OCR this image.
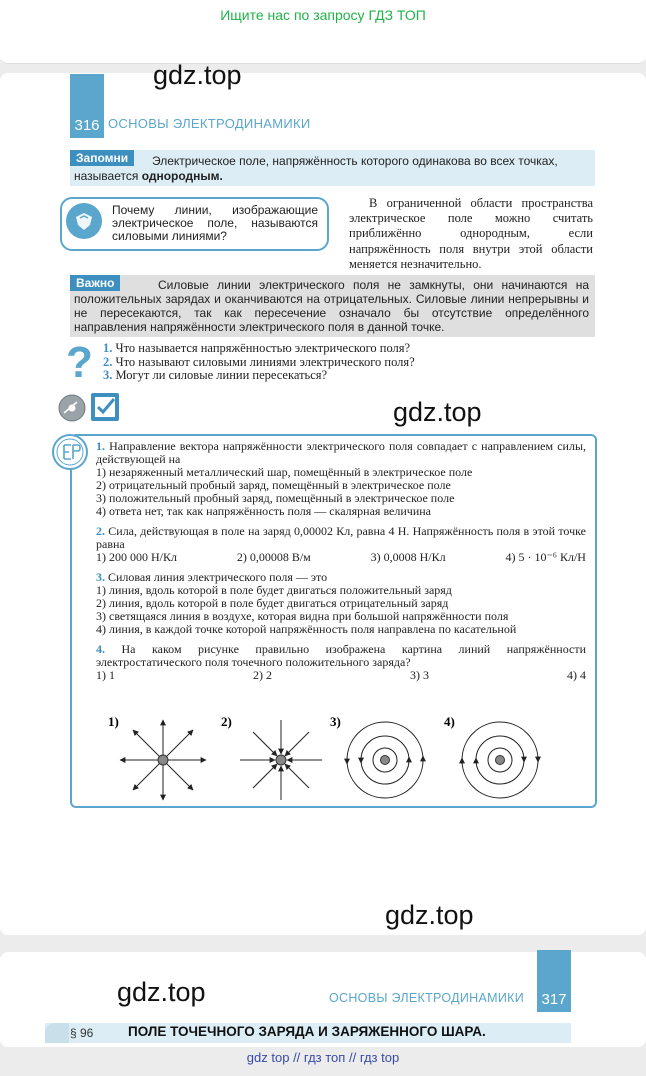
Ищите нас по запросу ГДЗ ТОП
gdz.top
316 ОСНОВЫ ЭЛЕКТРОДИНАМИКИ
Запомни	Электрическое поле, напряжённость которого одинакова во всех точках, называется однородным.
Почему линии, изображающие электрическое поле, называются силовыми линиями?
В ограниченной области пространства электрическое поле можно считать приближённо однородным, если напряжённость поля внутри этой области меняется незначительно.
Важно	Силовые линии электрического поля не замкнуты, они начинаются на положительных зарядах и оканчиваются на отрицательных. Силовые линии непрерывны и не пересекаются, так как пересечение означало бы отсутствие определённого направления напряжённости электрического поля в данной точке.
? 1. Что называется напряжённостью электрического поля?
2. Что называют силовыми линиями электрического поля?
3. Могут ли силовые линии пересекаться?
gdz.top
1. Направление вектора напряжённости электрического поля совпадает с направлением силы, действующей на
1) незаряженный металлический шар, помещённый в электрическое поле
2) отрицательный пробный заряд, помещённый в электрическое поле
3) положительный пробный заряд, помещённый в электрическое поле
4) ответа нет, так как напряжённость поля — скалярная величина
2. Сила, действующая в поле на заряд 0,00002 Кл, равна 4 Н. Напряжённость поля в этой точке равна
1) 200 000 Н/Кл	2) 0,00008 В/м	3) 0,0008 Н/Кл	4) 5 · 10⁻⁶ Кл/Н
3. Силовая линия электрического поля — это
1) линия, вдоль которой в поле будет двигаться положительный заряд
2) линия, вдоль которой в поле будет двигаться отрицательный заряд
3) светящаяся линия в воздухе, которая видна при большой напряжённости поля
4) линия, в каждой точке которой напряжённость поля направлена по касательной
4. На каком рисунке правильно изображена картина линий напряжённости электростатического поля точечного положительного заряда?
1) 1	2) 2	3) 3	4) 4
1)	2)	3)	4)
gdz.top
gdz.top	ОСНОВЫ ЭЛЕКТРОДИНАМИКИ 317
§ 96	ПОЛЕ ТОЧЕЧНОГО ЗАРЯДА И ЗАРЯЖЕННОГО ШАРА.
gdz top // гдз топ // гдз top
